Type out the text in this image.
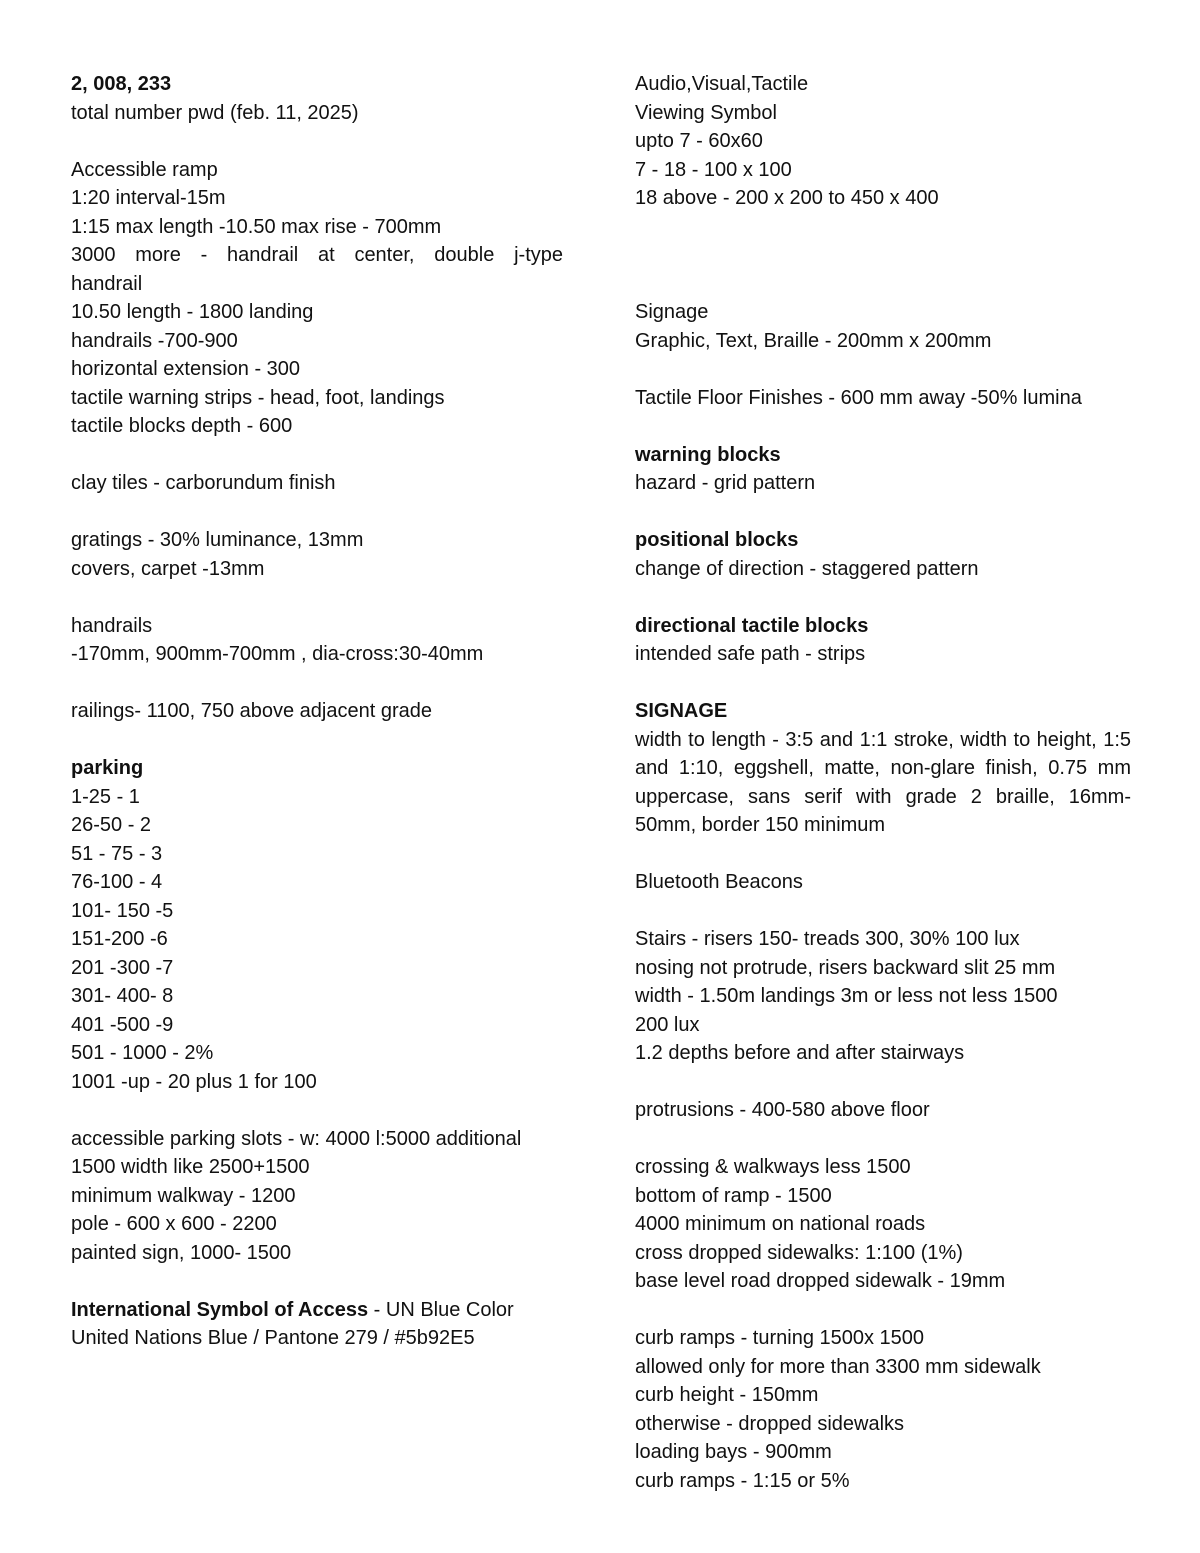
2, 008, 233
total number pwd (feb. 11, 2025)
Accessible ramp
1:20 interval-15m
1:15 max length -10.50 max rise - 700mm
3000 more - handrail at center, double j-type
handrail
10.50 length - 1800 landing
handrails -700-900
horizontal extension - 300
tactile warning strips - head, foot, landings
tactile blocks depth - 600
clay tiles - carborundum finish
gratings - 30% luminance, 13mm
covers, carpet -13mm
handrails
-170mm, 900mm-700mm , dia-cross:30-40mm
railings- 1100, 750 above adjacent grade
parking
1-25 - 1
26-50 - 2
51 - 75 - 3
76-100 - 4
101- 150 -5
151-200 -6
201 -300 -7
301- 400- 8
401 -500 -9
501 - 1000 - 2%
1001 -up - 20 plus 1 for 100
accessible parking slots - w: 4000 l:5000 additional
1500 width like 2500+1500
minimum walkway - 1200
pole - 600 x 600 - 2200
painted sign, 1000- 1500
International Symbol of Access - UN Blue Color
United Nations Blue / Pantone 279 / #5b92E5
Audio,Visual,Tactile
Viewing Symbol
upto 7 - 60x60
7 - 18 - 100 x 100
18 above - 200 x 200 to 450 x 400
Signage
Graphic, Text, Braille - 200mm x 200mm
Tactile Floor Finishes - 600 mm away -50% lumina
warning blocks
hazard - grid pattern
positional blocks
change of direction - staggered pattern
directional tactile blocks
intended safe path - strips
SIGNAGE
width to length - 3:5 and 1:1 stroke, width to height, 1:5 and 1:10, eggshell, matte, non-glare finish, 0.75 mm uppercase, sans serif with grade 2 braille, 16mm-50mm, border 150 minimum
Bluetooth Beacons
Stairs - risers 150- treads 300, 30% 100 lux
nosing not protrude, risers backward slit 25 mm
width - 1.50m landings 3m or less not less 1500
200 lux
1.2 depths before and after stairways
protrusions - 400-580 above floor
crossing & walkways less 1500
bottom of ramp - 1500
4000 minimum on national roads
cross dropped sidewalks: 1:100 (1%)
base level road dropped sidewalk - 19mm
curb ramps - turning 1500x 1500
allowed only for more than 3300 mm sidewalk
curb height - 150mm
otherwise - dropped sidewalks
loading bays - 900mm
curb ramps - 1:15 or 5%
